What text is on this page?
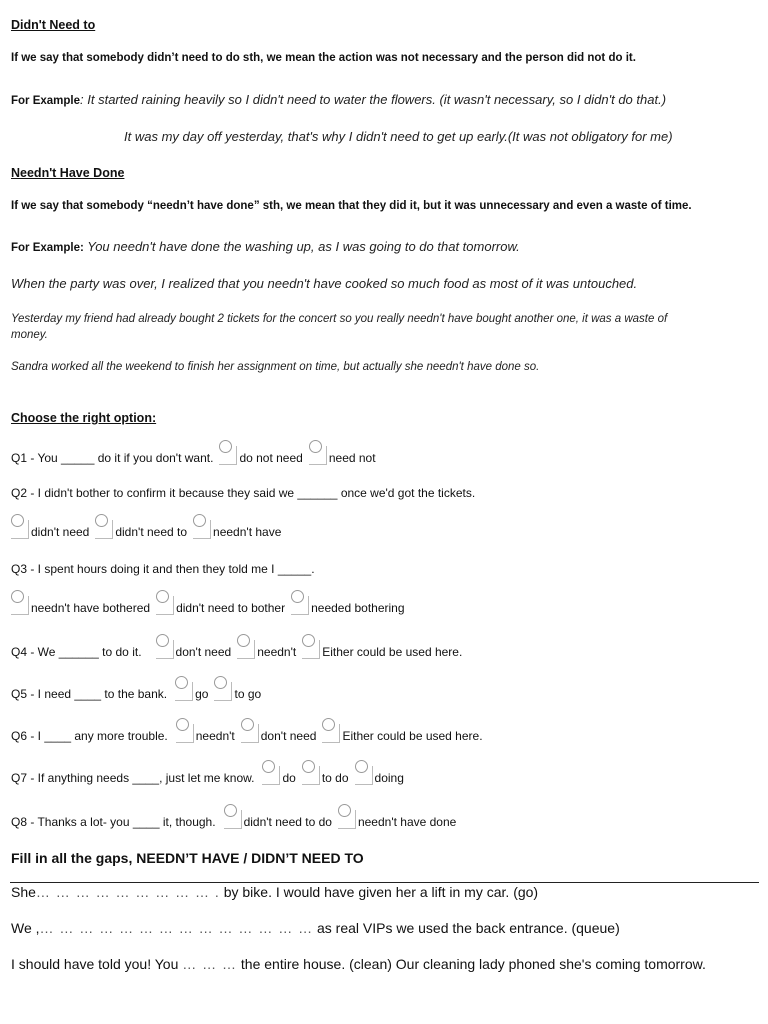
Didn't Need to
If we say that somebody didn’t need to do sth, we mean the action was not necessary and the person did not do it.
For Example: It started raining heavily so I didn't need to water the flowers. (it wasn't necessary, so I didn't do that.)
It was my day off yesterday, that's why I didn't need to get up early.(It was not obligatory for me)
Needn't Have Done
If we say that somebody “needn’t have done” sth, we mean that they did it, but it was unnecessary and even a waste of time.
For Example: You needn't have done the washing up, as I was going to do that tomorrow.
When the party was over, I realized that you needn't have cooked so much food as most of it was untouched.
Yesterday my friend had already bought 2 tickets for the concert so you really needn't have bought another one, it was a waste of
money.
Sandra worked all the weekend to finish her assignment on time, but actually she needn't have done so.
Choose the right option:
Q1 - You _____ do it if you don't want. do not need need not
Q2 - I didn't bother to confirm it because they said we ______ once we'd got the tickets.
didn't need didn't need to needn't have
Q3 - I spent hours doing it and then they told me I _____.
needn't have bothered didn't need to bother needed bothering
Q4 - We ______ to do it.	don't need needn't Either could be used here.
Q5 - I need ____ to the bank. go to go
Q6 - I ____ any more trouble. needn't don't need Either could be used here.
Q7 - If anything needs ____, just let me know. do to do doing
Q8 - Thanks a lot- you ____ it, though. didn't need to do needn't have done
Fill in all the gaps, NEEDN’T HAVE / DIDN’T NEED TO
She… … … … … … … … … . by bike. I would have given her a lift in my car. (go)
We ,… … … … … … … … … … … … … … as real VIPs we used the back entrance. (queue)
I should have told you! You … … … the entire house. (clean) Our cleaning lady phoned she's coming tomorrow.
